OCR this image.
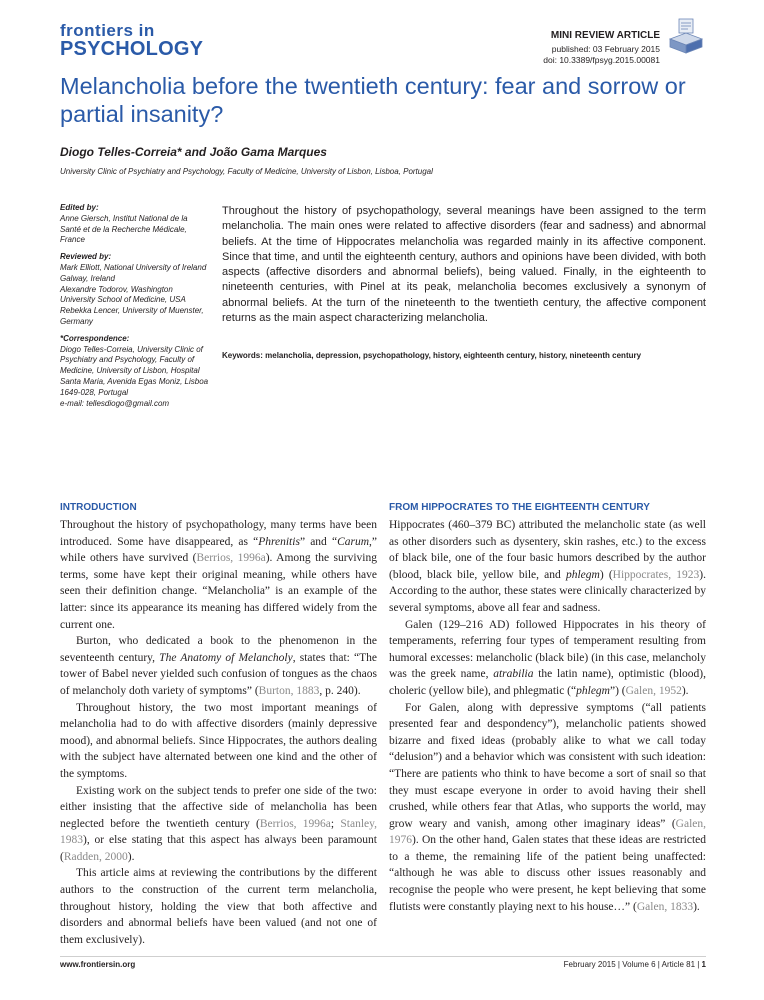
frontiers in
PSYCHOLOGY
MINI REVIEW ARTICLE
published: 03 February 2015
doi: 10.3389/fpsyg.2015.00081
Melancholia before the twentieth century: fear and sorrow or partial insanity?
Diogo Telles-Correia* and João Gama Marques
University Clinic of Psychiatry and Psychology, Faculty of Medicine, University of Lisbon, Lisboa, Portugal
Edited by:
Anne Giersch, Institut National de la Santé et de la Recherche Médicale, France
Reviewed by:
Mark Elliott, National University of Ireland Galway, Ireland
Alexandre Todorov, Washington University School of Medicine, USA
Rebekka Lencer, University of Muenster, Germany
*Correspondence:
Diogo Telles-Correia, University Clinic of Psychiatry and Psychology, Faculty of Medicine, University of Lisbon, Hospital Santa Maria, Avenida Egas Moniz, Lisboa 1649-028, Portugal
e-mail: tellesdiogo@gmail.com

Throughout the history of psychopathology, several meanings have been assigned to the term melancholia. The main ones were related to affective disorders (fear and sadness) and abnormal beliefs. At the time of Hippocrates melancholia was regarded mainly in its affective component. Since that time, and until the eighteenth century, authors and opinions have been divided, with both aspects (affective disorders and abnormal beliefs), being valued. Finally, in the eighteenth to nineteenth centuries, with Pinel at its peak, melancholia becomes exclusively a synonym of abnormal beliefs. At the turn of the nineteenth to the twentieth century, the affective component returns as the main aspect characterizing melancholia.

Keywords: melancholia, depression, psychopathology, history, eighteenth century, history, nineteenth century
INTRODUCTION

Throughout the history of psychopathology, many terms have been introduced. Some have disappeared, as “Phrenitis” and “Carum,” while others have survived (Berrios, 1996a). Among the surviving terms, some have kept their original meaning, while others have seen their definition change. “Melancholia” is an example of the latter: since its appearance its meaning has differed widely from the current one.

Burton, who dedicated a book to the phenomenon in the seventeenth century, The Anatomy of Melancholy, states that: “The tower of Babel never yielded such confusion of tongues as the chaos of melancholy doth variety of symptoms” (Burton, 1883, p. 240).

Throughout history, the two most important meanings of melancholia had to do with affective disorders (mainly depressive mood), and abnormal beliefs. Since Hippocrates, the authors dealing with the subject have alternated between one kind and the other of the symptoms.

Existing work on the subject tends to prefer one side of the two: either insisting that the affective side of melancholia has been neglected before the twentieth century (Berrios, 1996a; Stanley, 1983), or else stating that this aspect has always been paramount (Radden, 2000).

This article aims at reviewing the contributions by the different authors to the construction of the current term melancholia, throughout history, holding the view that both affective and disorders and abnormal beliefs have been valued (and not one of them exclusively).

FROM HIPPOCRATES TO THE EIGHTEENTH CENTURY

Hippocrates (460–379 BC) attributed the melancholic state (as well as other disorders such as dysentery, skin rashes, etc.) to the excess of black bile, one of the four basic humors described by the author (blood, black bile, yellow bile, and phlegm) (Hippocrates, 1923). According to the author, these states were clinically characterized by several symptoms, above all fear and sadness.

Galen (129–216 AD) followed Hippocrates in his theory of temperaments, referring four types of temperament resulting from humoral excesses: melancholic (black bile) (in this case, melancholy was the greek name, atrabilia the latin name), optimistic (blood), choleric (yellow bile), and phlegmatic (“phlegm”) (Galen, 1952).

For Galen, along with depressive symptoms (“all patients presented fear and despondency”), melancholic patients showed bizarre and fixed ideas (probably alike to what we call today “delusion”) and a behavior which was consistent with such ideation: “There are patients who think to have become a sort of snail so that they must escape everyone in order to avoid having their shell crushed, while others fear that Atlas, who supports the world, may grow weary and vanish, among other imaginary ideas” (Galen, 1976). On the other hand, Galen states that these ideas are restricted to a theme, the remaining life of the patient being unaffected: “although he was able to discuss other issues reasonably and recognise the people who were present, he kept believing that some flutists were constantly playing next to his house…” (Galen, 1833).

www.frontiersin.org	February 2015 | Volume 6 | Article 81 | 1
